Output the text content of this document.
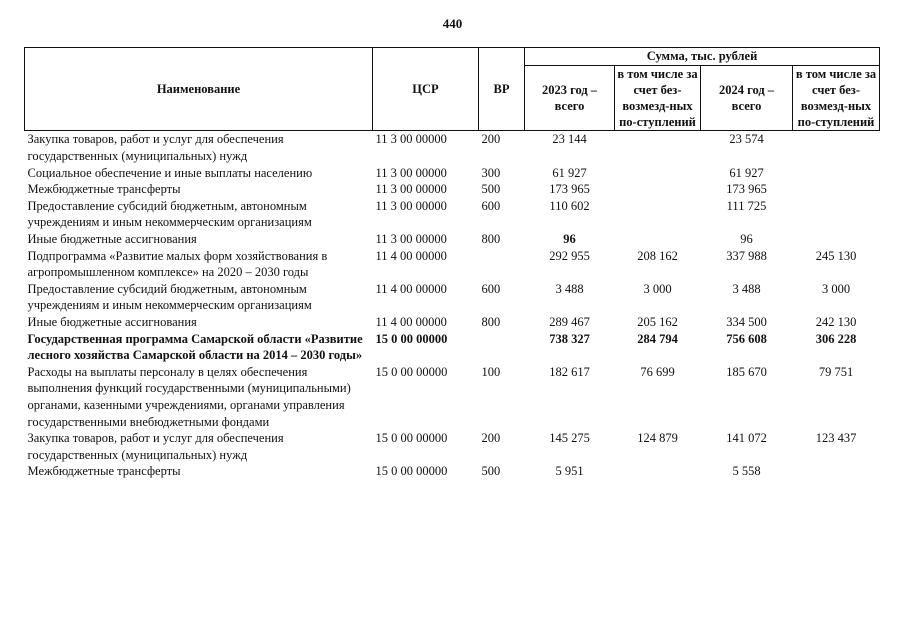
440
Наименование	ЦСР	ВР	Сумма, тыс. рублей			
			2023 год – всего	в том числе за счет без-возмезд-ных по-ступлений	2024 год – всего	в том числе за счет без-возмезд-ных по-ступлений
Закупка товаров, работ и услуг для обеспечения государственных (муниципальных) нужд	11 3 00 00000	200	23 144		23 574	
Социальное обеспечение и иные выплаты населению	11 3 00 00000	300	61 927		61 927	
Межбюджетные трансферты	11 3 00 00000	500	173 965		173 965	
Предоставление субсидий бюджетным, автономным учреждениям и иным некоммерческим организациям	11 3 00 00000	600	110 602		111 725	
Иные бюджетные ассигнования	11 3 00 00000	800	96		96	
Подпрограмма «Развитие малых форм хозяйствования в агропромышленном комплексе» на 2020 – 2030 годы	11 4 00 00000		292 955	208 162	337 988	245 130
Предоставление субсидий бюджетным, автономным учреждениям и иным некоммерческим организациям	11 4 00 00000	600	3 488	3 000	3 488	3 000
Иные бюджетные ассигнования	11 4 00 00000	800	289 467	205 162	334 500	242 130
Государственная программа Самарской области «Развитие лесного хозяйства Самарской области на 2014 – 2030 годы»	15 0 00 00000		738 327	284 794	756 608	306 228
Расходы на выплаты персоналу в целях обеспечения выполнения функций государственными (муниципальными) органами, казенными учреждениями, органами управления государственными внебюджетными фондами	15 0 00 00000	100	182 617	76 699	185 670	79 751
Закупка товаров, работ и услуг для обеспечения государственных (муниципальных) нужд	15 0 00 00000	200	145 275	124 879	141 072	123 437
Межбюджетные трансферты	15 0 00 00000	500	5 951		5 558	
